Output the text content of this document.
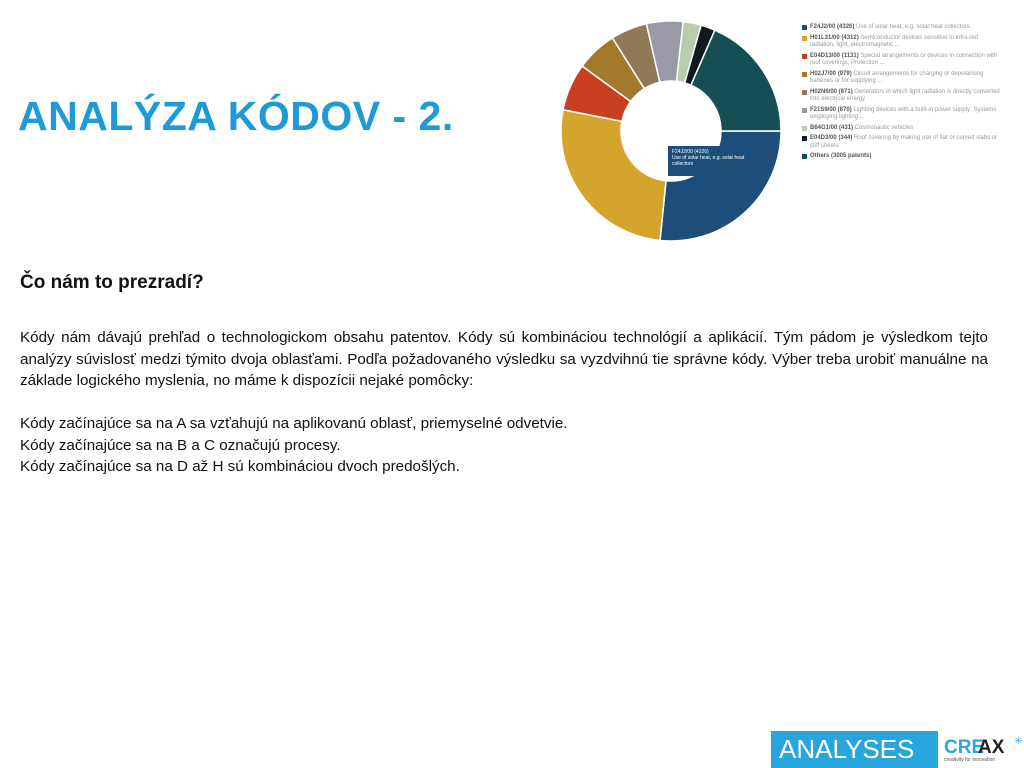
ANALÝZA KÓDOV - 2.
F24J2/00 (4326)
Use of solar heat, e.g. solar heat collectors
F24J2/00 (4326) Use of solar heat, e.g. solar heat collectors
H01L31/00 (4312) Semiconductor devices sensitive to infra-red radiation, light, electromagnetic ...
E04D13/00 (1131) Special arrangements or devices in connection with roof coverings; Protection ...
H02J7/00 (979) Circuit arrangements for charging or depolarising batteries or for supplying ...
H02N6/00 (871) Generators in which light radiation is directly converted into electrical energy
F21S9/00 (870) Lighting devices with a built-in power supply; Systems employing lighting ...
B64G1/00 (431) Cosmonautic vehicles
E04D3/00 (344) Roof covering by making use of flat or curved slabs or stiff sheets
Others (3005 patents)
Čo nám to prezradí?

Kódy nám dávajú prehľad o technologickom obsahu patentov. Kódy sú kombináciou technológií a aplikácií. Tým pádom je výsledkom tejto analýzy súvislosť medzi týmito dvoja oblasťami. Podľa požadovaného výsledku sa vyzdvihnú tie správne kódy. Výber treba urobiť manuálne na základe logického myslenia, no máme k dispozícii nejaké pomôcky:

Kódy začínajúce sa na A sa vzťahujú na aplikovanú oblasť, priemyselné odvetvie.
Kódy začínajúce sa na B a C označujú procesy.
Kódy začínajúce sa na D až H sú kombináciou dvoch predošlých.
ANALYSES	CRE
AX ✳
creativity for innovation
